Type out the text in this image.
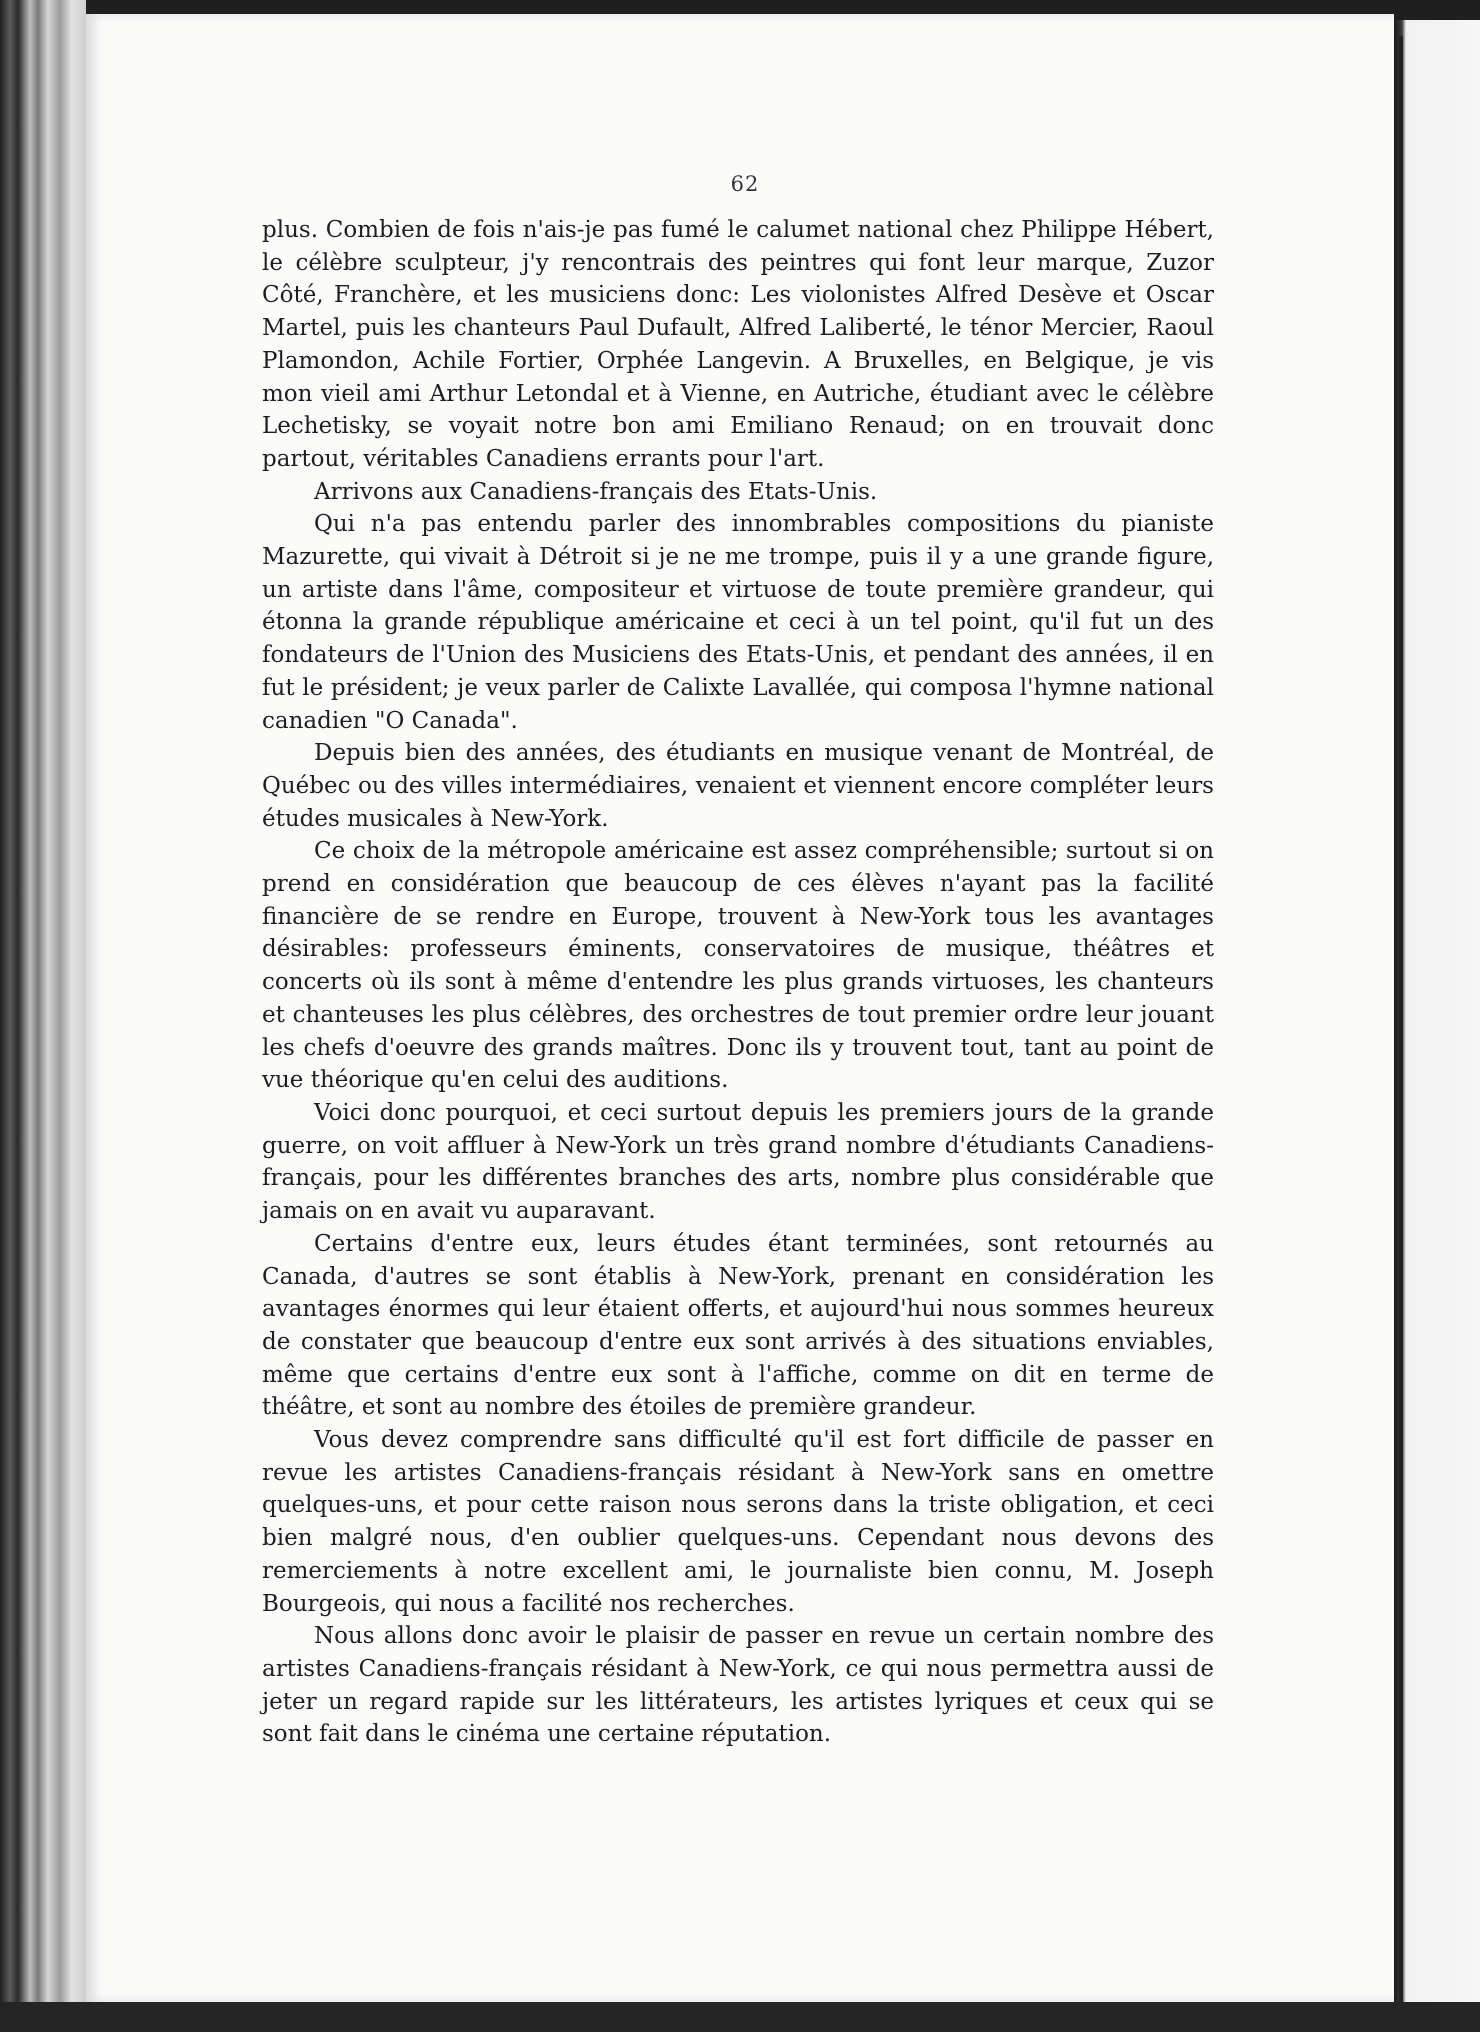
62

plus. Combien de fois n'ais-je pas fumé le calumet national chez Philippe Hébert, le célèbre sculpteur, j'y rencontrais des peintres qui font leur marque, Zuzor Côté, Franchère, et les musiciens donc: Les violonistes Alfred Desève et Oscar Martel, puis les chanteurs Paul Dufault, Alfred Laliberté, le ténor Mercier, Raoul Plamondon, Achile Fortier, Orphée Langevin. A Bruxelles, en Belgique, je vis mon vieil ami Arthur Letondal et à Vienne, en Autriche, étudiant avec le célèbre Lechetisky, se voyait notre bon ami Emiliano Renaud; on en trouvait donc partout, véritables Canadiens errants pour l'art.

Arrivons aux Canadiens-français des Etats-Unis.

Qui n'a pas entendu parler des innombrables compositions du pianiste Mazurette, qui vivait à Détroit si je ne me trompe, puis il y a une grande figure, un artiste dans l'âme, compositeur et virtuose de toute première grandeur, qui étonna la grande république américaine et ceci à un tel point, qu'il fut un des fondateurs de l'Union des Musiciens des Etats-Unis, et pendant des années, il en fut le président; je veux parler de Calixte Lavallée, qui composa l'hymne national canadien "O Canada".

Depuis bien des années, des étudiants en musique venant de Montréal, de Québec ou des villes intermédiaires, venaient et viennent encore compléter leurs études musicales à New-York.

Ce choix de la métropole américaine est assez compréhensible; surtout si on prend en considération que beaucoup de ces élèves n'ayant pas la facilité financière de se rendre en Europe, trouvent à New-York tous les avantages désirables: professeurs éminents, conservatoires de musique, théâtres et concerts où ils sont à même d'entendre les plus grands virtuoses, les chanteurs et chanteuses les plus célèbres, des orchestres de tout premier ordre leur jouant les chefs d'oeuvre des grands maîtres. Donc ils y trouvent tout, tant au point de vue théorique qu'en celui des auditions.

Voici donc pourquoi, et ceci surtout depuis les premiers jours de la grande guerre, on voit affluer à New-York un très grand nombre d'étudiants Canadiens-français, pour les différentes branches des arts, nombre plus considérable que jamais on en avait vu auparavant.

Certains d'entre eux, leurs études étant terminées, sont retournés au Canada, d'autres se sont établis à New-York, prenant en considération les avantages énormes qui leur étaient offerts, et aujourd'hui nous sommes heureux de constater que beaucoup d'entre eux sont arrivés à des situations enviables, même que certains d'entre eux sont à l'affiche, comme on dit en terme de théâtre, et sont au nombre des étoiles de première grandeur.

Vous devez comprendre sans difficulté qu'il est fort difficile de passer en revue les artistes Canadiens-français résidant à New-York sans en omettre quelques-uns, et pour cette raison nous serons dans la triste obligation, et ceci bien malgré nous, d'en oublier quelques-uns. Cependant nous devons des remerciements à notre excellent ami, le journaliste bien connu, M. Joseph Bourgeois, qui nous a facilité nos recherches.

Nous allons donc avoir le plaisir de passer en revue un certain nombre des artistes Canadiens-français résidant à New-York, ce qui nous permettra aussi de jeter un regard rapide sur les littérateurs, les artistes lyriques et ceux qui se sont fait dans le cinéma une certaine réputation.
